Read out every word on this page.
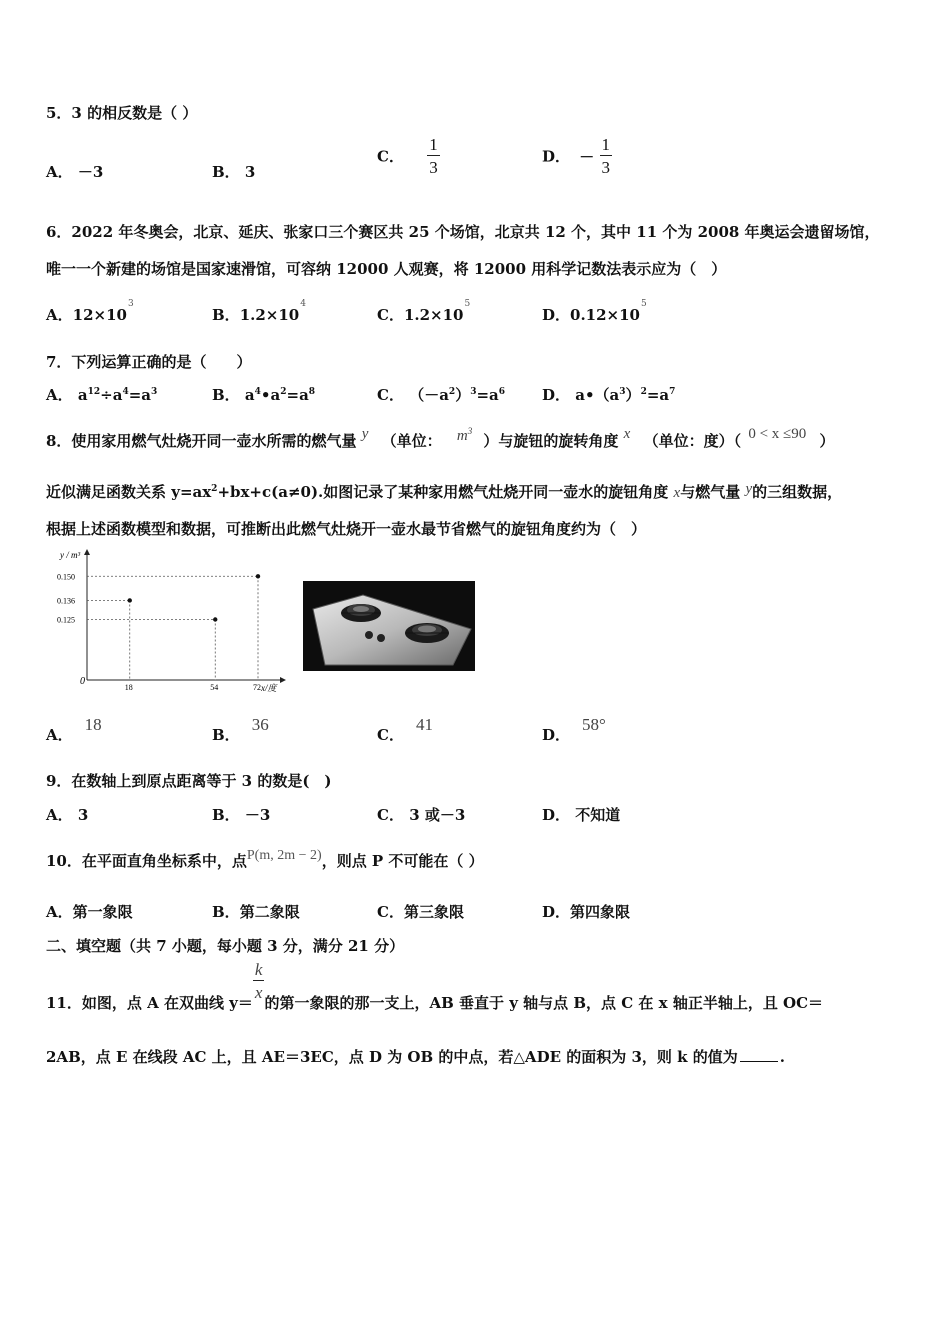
5．3 的相反数是（ ）
A． －3	B． 3
C． $\frac{1}{3}$	D． － $\frac{1}{3}$
6．2022 年冬奥会，北京、延庆、张家口三个赛区共 25 个场馆，北京共 12 个，其中 11 个为 2008 年奥运会遗留场馆，
唯一一个新建的场馆是国家速滑馆，可容纳 12000 人观赛，将 12000 用科学记数法表示应为（　）
A．$12\times 10^3$
B．$1.2\times 10^4$
C．$1.2\times 10^5$
D．$0.12\times 10^5$
7．下列运算正确的是（　　）
A． $a^{12}\div a^4=a^3$	B． $a^4•a^2=a^8$	C． $(-a^2)^3=a^6$ D． $a•(a^3)^2=a^7$
8．使用家用燃气灶烧开同一壶水所需的燃气量 y （单位： $m^3$ ）与旋钮的旋转角度 x （单位：度）（ 0 < x ≤90 ）
近似满足函数关系 $y=ax^2+bx+c(a\ne 0)$.如图记录了某种家用燃气灶烧开同一壶水的旋钮角度 x与燃气量 y的三组数据，
根据上述函数模型和数据，可推断出此燃气灶烧开一壶水最节省燃气的旋钮角度约为（　）
y / m³
x/度
0
18	54	72
0.150
0.136
0.125
A．18
B．36
C．41
D．58°
9．在数轴上到原点距离等于 3 的数是(　)
A． 3	B． －3	C． 3 或－3	D． 不知道
10．在平面直角坐标系中，点P(m, 2m − 2)，则点 P 不可能在（ ）
A．第一象限	B．第二象限	C．第三象限	D．第四象限
二、填空题（共 7 小题，每小题 3 分，满分 21 分）
11．如图，点 A 在双曲线 y＝
$\frac{k}{x}$
的第一象限的那一支上，AB 垂直于 y 轴与点 B，点 C 在 x 轴正半轴上，且 OC＝
2AB，点 E 在线段 AC 上，且 AE＝3EC，点 D 为 OB 的中点，若△ADE 的面积为 3，则 k 的值为	.
